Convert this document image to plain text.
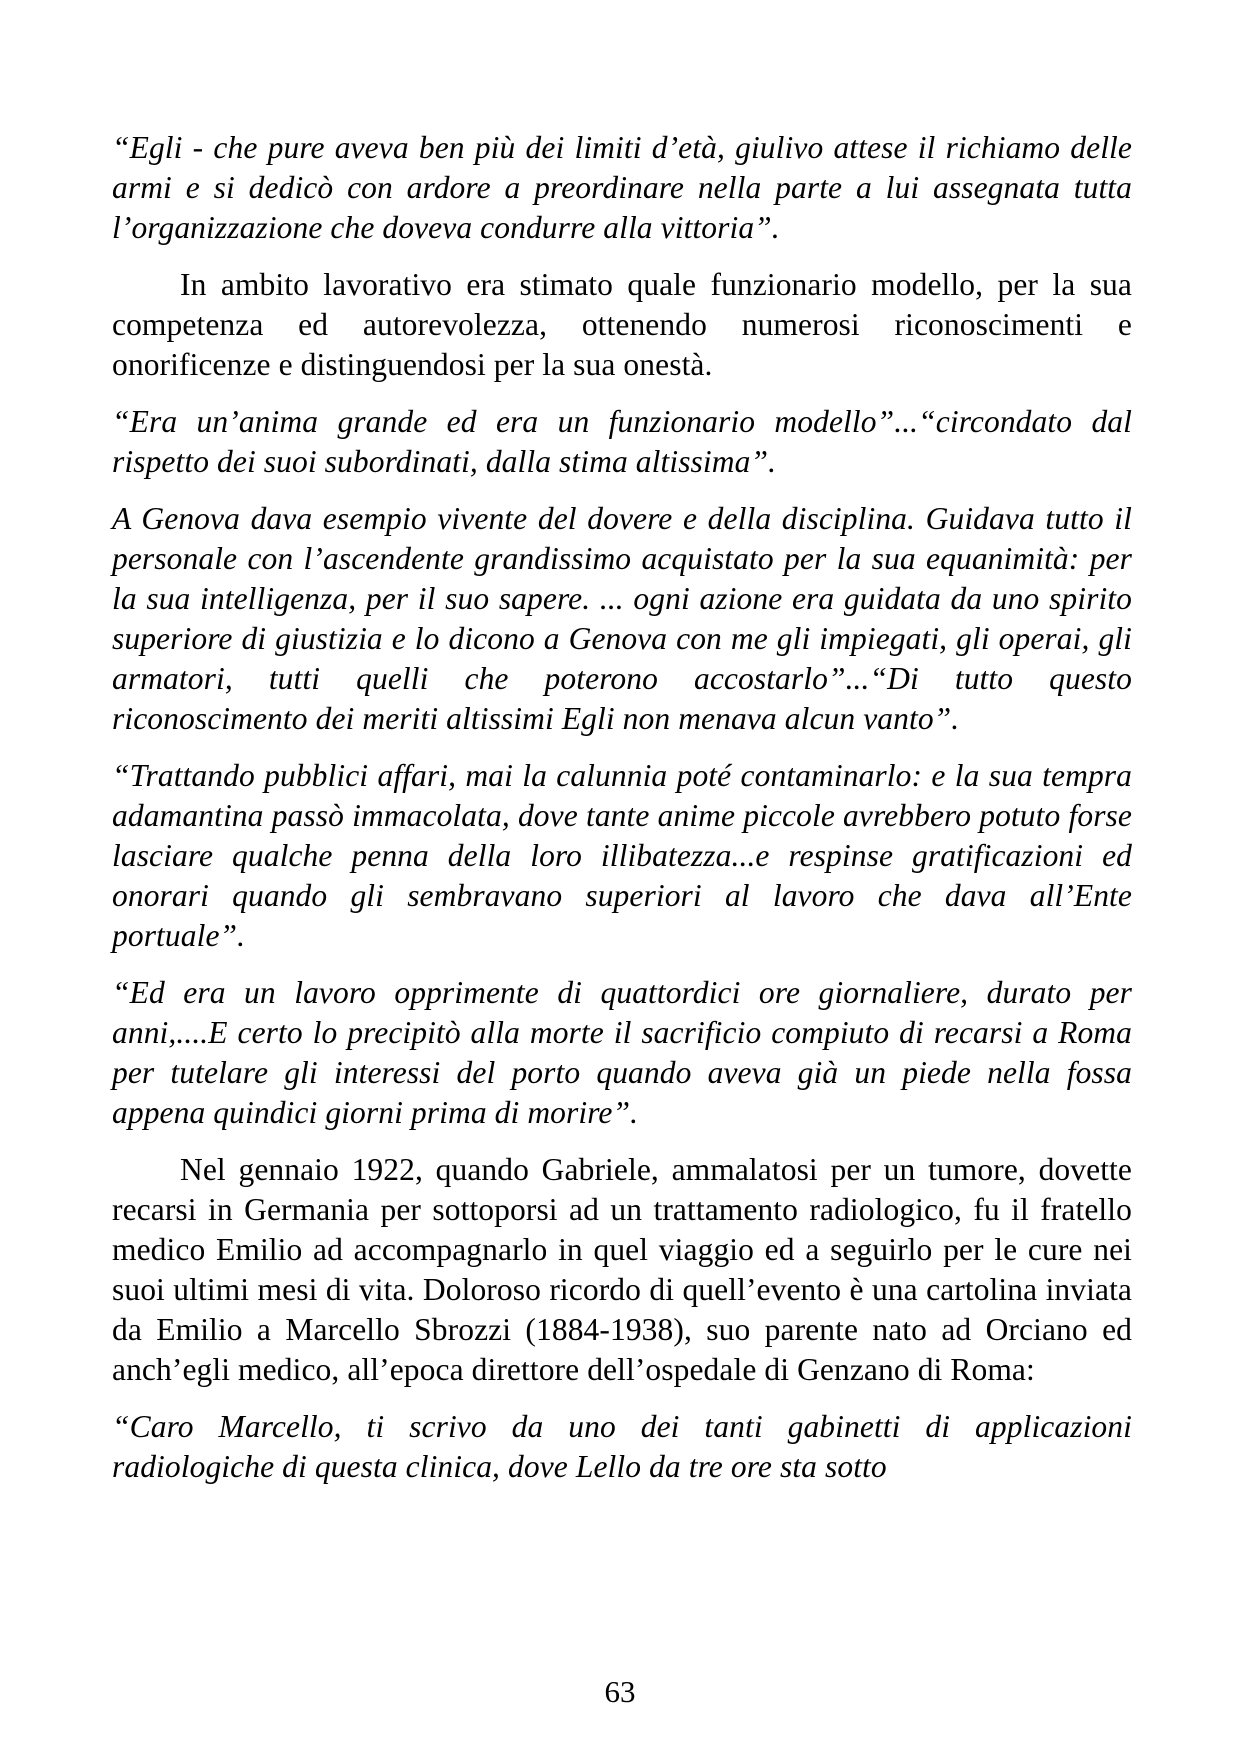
“Egli - che pure aveva ben più dei limiti d’età, giulivo attese il richiamo delle armi e si dedicò con ardore a preordinare nella parte a lui assegnata tutta l’organizzazione che doveva condurre alla vittoria”.

In ambito lavorativo era stimato quale funzionario modello, per la sua competenza ed autorevolezza, ottenendo numerosi riconoscimenti e onorificenze e distinguendosi per la sua onestà.

“Era un’anima grande ed era un funzionario modello”...“circondato dal rispetto dei suoi subordinati, dalla stima altissima”.

A Genova dava esempio vivente del dovere e della disciplina. Guidava tutto il personale con l’ascendente grandissimo acquistato per la sua equanimità: per la sua intelligenza, per il suo sapere. ... ogni azione era guidata da uno spirito superiore di giustizia e lo dicono a Genova con me gli impiegati, gli operai, gli armatori, tutti quelli che poterono accostarlo”...“Di tutto questo riconoscimento dei meriti altissimi Egli non menava alcun vanto”.

“Trattando pubblici affari, mai la calunnia poté contaminarlo: e la sua tempra adamantina passò immacolata, dove tante anime piccole avrebbero potuto forse lasciare qualche penna della loro illibatezza...e respinse gratificazioni ed onorari quando gli sembravano superiori al lavoro che dava all’Ente portuale”.

“Ed era un lavoro opprimente di quattordici ore giornaliere, durato per anni,....E certo lo precipitò alla morte il sacrificio compiuto di recarsi a Roma per tutelare gli interessi del porto quando aveva già un piede nella fossa appena quindici giorni prima di morire”.

Nel gennaio 1922, quando Gabriele, ammalatosi per un tumore, dovette recarsi in Germania per sottoporsi ad un trattamento radiologico, fu il fratello medico Emilio ad accompagnarlo in quel viaggio ed a seguirlo per le cure nei suoi ultimi mesi di vita. Doloroso ricordo di quell’evento è una cartolina inviata da Emilio a Marcello Sbrozzi (1884-1938), suo parente nato ad Orciano ed anch’egli medico, all’epoca direttore dell’ospedale di Genzano di Roma:

“Caro Marcello, ti scrivo da uno dei tanti gabinetti di applicazioni radiologiche di questa clinica, dove Lello da tre ore sta sotto

63
